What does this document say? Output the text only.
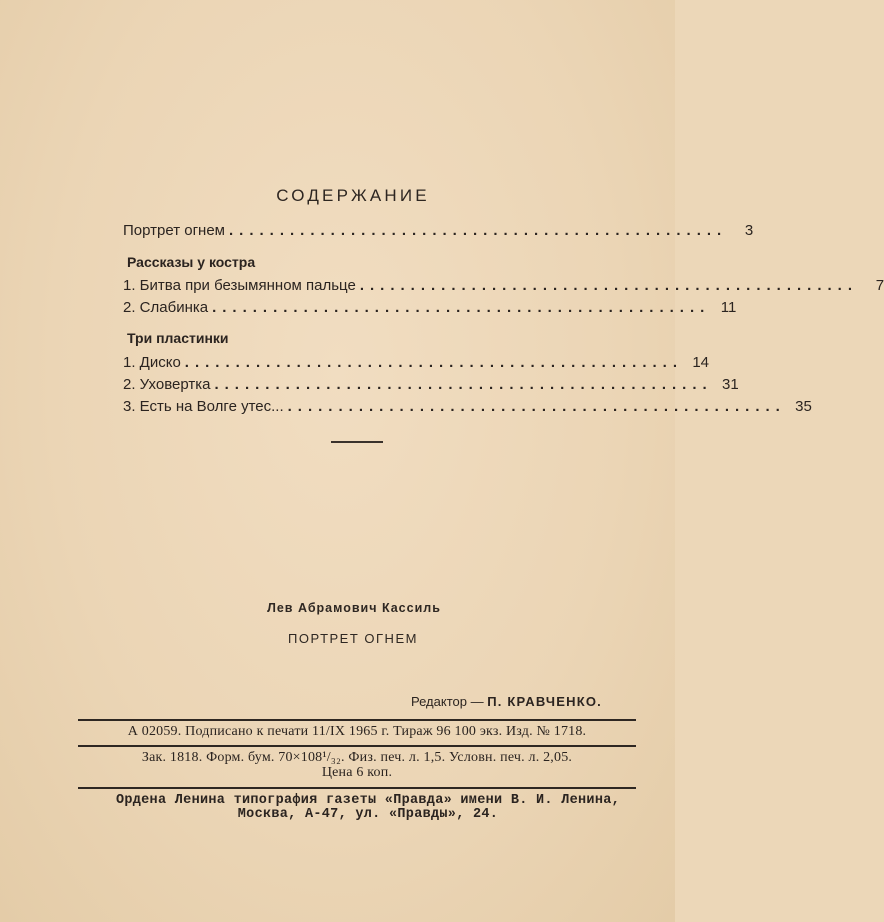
СОДЕРЖАНИЕ
Портрет огнем .................................................	3
Рассказы у костра
1. Битва при безымянном пальце .................................................	7
2. Слабинка ................................................. 11
Три пластинки
1. Диско ................................................. 14
2. Уховертка ................................................. 31
3. Есть на Волге утес... ................................................. 35
Лев Абрамович Кассиль
ПОРТРЕТ ОГНЕМ
Редактор — П. КРАВЧЕНКО.
А 02059. Подписано к печати 11/IX 1965 г. Тираж 96 100 экз. Изд. № 1718.
Зак. 1818. Форм. бум. 70×108¹/₃₂. Физ. печ. л. 1,5. Условн. печ. л. 2,05.
Цена 6 коп.
Ордена Ленина типография газеты «Правда» имени В. И. Ленина,
Москва, А-47, ул. «Правды», 24.
